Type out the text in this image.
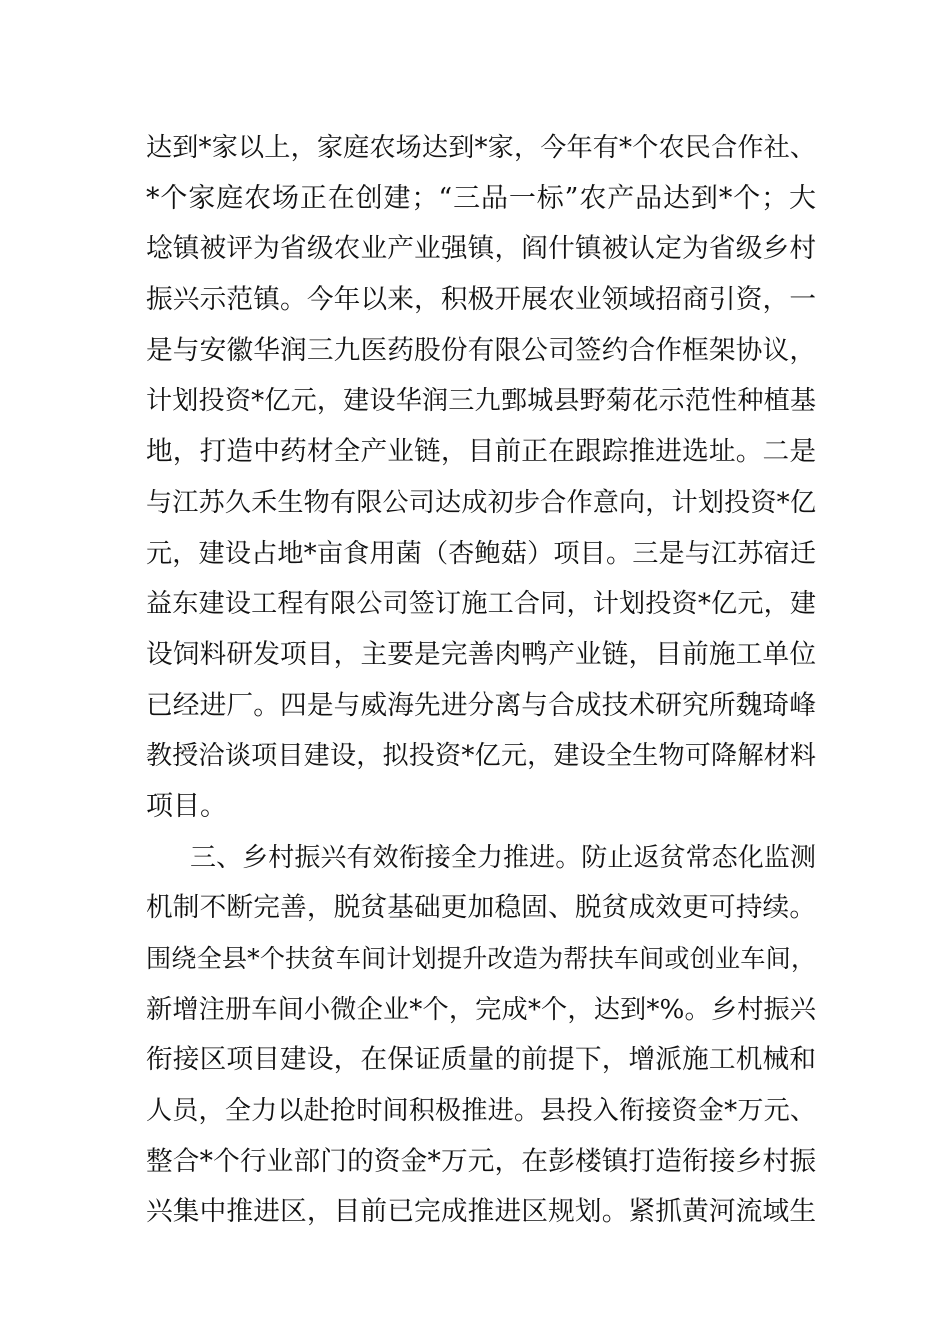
达到*家以上，家庭农场达到*家，今年有*个农民合作社、
*个家庭农场正在创建；“三品一标”农产品达到*个；大
埝镇被评为省级农业产业强镇，阎什镇被认定为省级乡村
振兴示范镇。今年以来，积极开展农业领域招商引资，一
是与安徽华润三九医药股份有限公司签约合作框架协议，
计划投资*亿元，建设华润三九鄄城县野菊花示范性种植基
地，打造中药材全产业链，目前正在跟踪推进选址。二是
与江苏久禾生物有限公司达成初步合作意向，计划投资*亿
元，建设占地*亩食用菌（杏鲍菇）项目。三是与江苏宿迁
益东建设工程有限公司签订施工合同，计划投资*亿元，建
设饲料研发项目，主要是完善肉鸭产业链，目前施工单位
已经进厂。四是与威海先进分离与合成技术研究所魏琦峰
教授洽谈项目建设，拟投资*亿元，建设全生物可降解材料
项目。
三、乡村振兴有效衔接全力推进。防止返贫常态化监测
机制不断完善，脱贫基础更加稳固、脱贫成效更可持续。
围绕全县*个扶贫车间计划提升改造为帮扶车间或创业车间，
新增注册车间小微企业*个，完成*个，达到*%。乡村振兴
衔接区项目建设，在保证质量的前提下，增派施工机械和
人员，全力以赴抢时间积极推进。县投入衔接资金*万元、
整合*个行业部门的资金*万元，在彭楼镇打造衔接乡村振
兴集中推进区，目前已完成推进区规划。紧抓黄河流域生
